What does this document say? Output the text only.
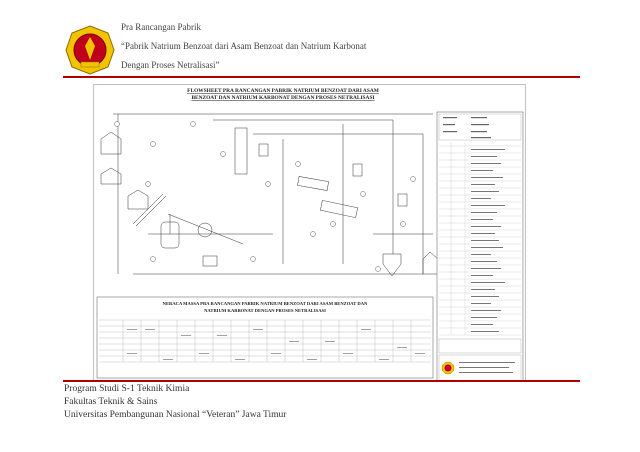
Pra Rancangan Pabrik
“Pabrik Natrium Benzoat dari Asam Benzoat dan Natrium Karbonat
Dengan Proses Netralisasi”
FLOWSHEET PRA RANCANGAN PABRIK NATRIUM BENZOAT DARI ASAM
BENZOAT DAN NATRIUM KARBONAT DENGAN PROSES NETRALISASI
NERACA MASSA PRA RANCANGAN PABRIK NATRIUM BENZOAT DARI ASAM BENZOAT DAN
NATRIUM KARBONAT DENGAN PROSES NETRALISASI
Program Studi S-1 Teknik Kimia
Fakultas Teknik & Sains
Universitas Pembangunan Nasional “Veteran” Jawa Timur
